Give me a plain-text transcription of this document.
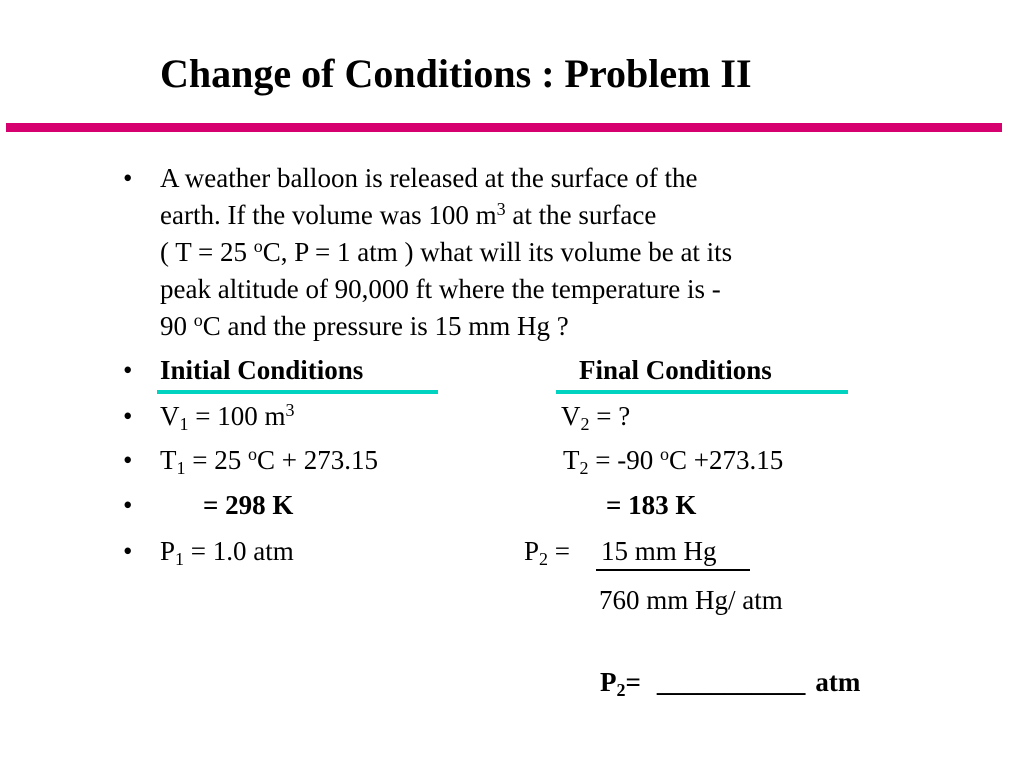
Change of Conditions : Problem II
• A weather balloon is released at the surface of the
earth. If the volume was 100 $m^3$ at the surface
( T = 25 $^o$C, P = 1 atm ) what will its volume be at its
peak altitude of 90,000 ft where the temperature is -
90 $^o$C and the pressure is 15 mm Hg ?
• Initial Conditions	Final Conditions
• $V_1 = 100$ $m^3$	$V_2$ = ?
• $T_1 = 25$ $^o$C + 273.15	$T_2 = -90$ $^o$C +273.15
•	= 298 K	= 183 K
• $P_1 = 1.0$ atm	$P_2 = 15$ mm Hg
760 mm Hg/ atm
$P_2=$ ___________ atm
